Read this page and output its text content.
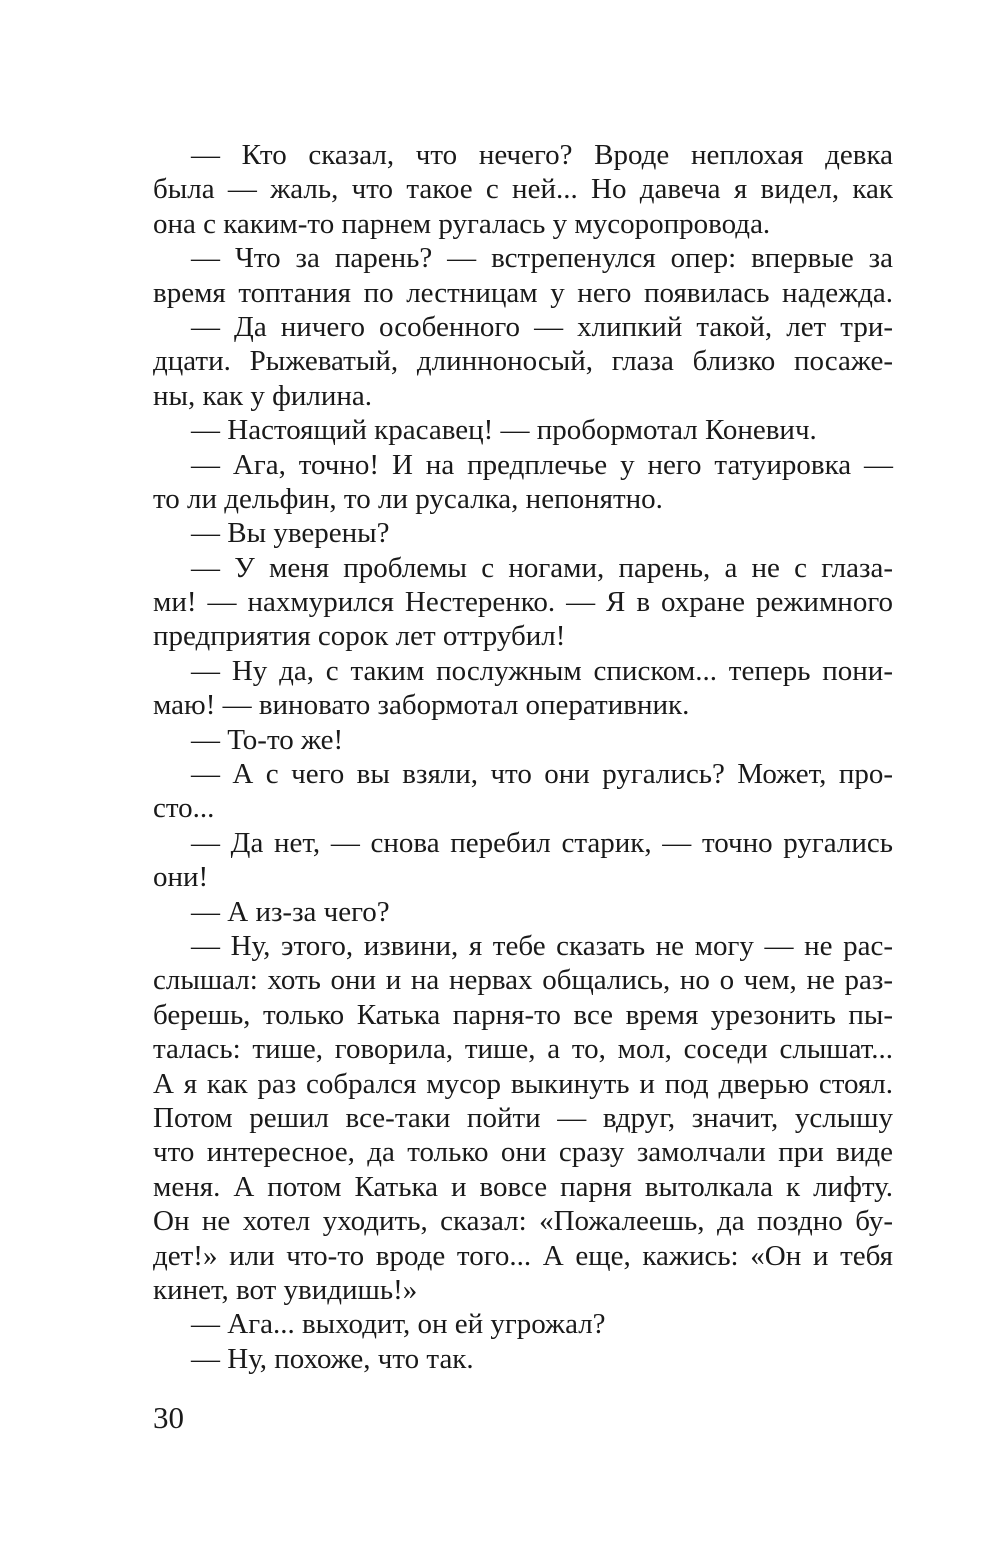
— Кто сказал, что нечего? Вроде неплохая девка
была — жаль, что такое с ней... Но давеча я видел, как
она с каким-то парнем ругалась у мусоропровода.
— Что за парень? — встрепенулся опер: впервые за
время топтания по лестницам у него появилась надежда.
— Да ничего особенного — хлипкий такой, лет три-
дцати. Рыжеватый, длинноносый, глаза близко посаже-
ны, как у филина.
— Настоящий красавец! — пробормотал Коневич.
— Ага, точно! И на предплечье у него татуировка —
то ли дельфин, то ли русалка, непонятно.
— Вы уверены?
— У меня проблемы с ногами, парень, а не с глаза-
ми! — нахмурился Нестеренко. — Я в охране режимного
предприятия сорок лет оттрубил!
— Ну да, с таким послужным списком... теперь пони-
маю! — виновато забормотал оперативник.
— То-то же!
— А с чего вы взяли, что они ругались? Может, про-
сто...
— Да нет, — снова перебил старик, — точно ругались
они!
— А из-за чего?
— Ну, этого, извини, я тебе сказать не могу — не рас-
слышал: хоть они и на нервах общались, но о чем, не раз-
берешь, только Катька парня-то все время урезонить пы-
талась: тише, говорила, тише, а то, мол, соседи слышат...
А я как раз собрался мусор выкинуть и под дверью стоял.
Потом решил все-таки пойти — вдруг, значит, услышу
что интересное, да только они сразу замолчали при виде
меня. А потом Катька и вовсе парня вытолкала к лифту.
Он не хотел уходить, сказал: «Пожалеешь, да поздно бу-
дет!» или что-то вроде того... А еще, кажись: «Он и тебя
кинет, вот увидишь!»
— Ага... выходит, он ей угрожал?
— Ну, похоже, что так.
30
